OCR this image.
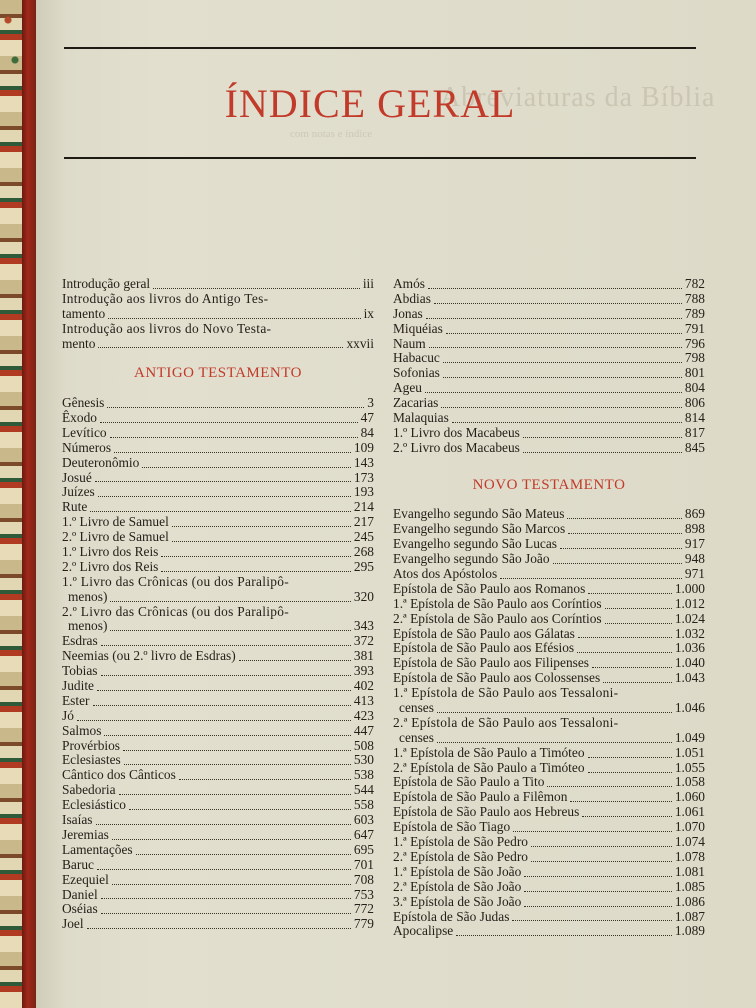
Abreviaturas da Bíblia
com notas e índice
ÍNDICE GERAL
Introdução geral	iii
Introdução aos livros do Antigo Tes-
tamento	ix
Introdução aos livros do Novo Testa-
mento	xxvii
ANTIGO TESTAMENTO
Gênesis	3
Êxodo	47
Levítico	84
Números	109
Deuteronômio	143
Josué	173
Juízes	193
Rute	214
1.º Livro de Samuel	217
2.º Livro de Samuel	245
1.º Livro dos Reis	268
2.º Livro dos Reis	295
1.º Livro das Crônicas (ou dos Paralipô-
menos)	320
2.º Livro das Crônicas (ou dos Paralipô-
menos)	343
Esdras	372
Neemias (ou 2.º livro de Esdras)	381
Tobias	393
Judite	402
Ester	413
Jó	423
Salmos	447
Provérbios	508
Eclesiastes	530
Cântico dos Cânticos	538
Sabedoria	544
Eclesiástico	558
Isaías	603
Jeremias	647
Lamentações	695
Baruc	701
Ezequiel	708
Daniel	753
Oséias	772
Joel	779
Amós	782
Abdias	788
Jonas	789
Miquéias	791
Naum	796
Habacuc	798
Sofonias	801
Ageu	804
Zacarias	806
Malaquias	814
1.º Livro dos Macabeus	817
2.º Livro dos Macabeus	845
NOVO TESTAMENTO
Evangelho segundo São Mateus	869
Evangelho segundo São Marcos	898
Evangelho segundo São Lucas	917
Evangelho segundo São João	948
Atos dos Apóstolos	971
Epístola de São Paulo aos Romanos	1.000
1.ª Epístola de São Paulo aos Coríntios	1.012
2.ª Epístola de São Paulo aos Coríntios	1.024
Epístola de São Paulo aos Gálatas	1.032
Epístola de São Paulo aos Efésios	1.036
Epístola de São Paulo aos Filipenses	1.040
Epístola de São Paulo aos Colossenses	1.043
1.ª Epístola de São Paulo aos Tessaloni-
censes	1.046
2.ª Epístola de São Paulo aos Tessaloni-
censes	1.049
1.ª Epístola de São Paulo a Timóteo	1.051
2.ª Epístola de São Paulo a Timóteo	1.055
Epístola de São Paulo a Tito	1.058
Epístola de São Paulo a Filêmon	1.060
Epístola de São Paulo aos Hebreus	1.061
Epístola de São Tiago	1.070
1.ª Epístola de São Pedro	1.074
2.ª Epístola de São Pedro	1.078
1.ª Epístola de São João	1.081
2.ª Epístola de São João	1.085
3.ª Epístola de São João	1.086
Epístola de São Judas	1.087
Apocalipse	1.089
